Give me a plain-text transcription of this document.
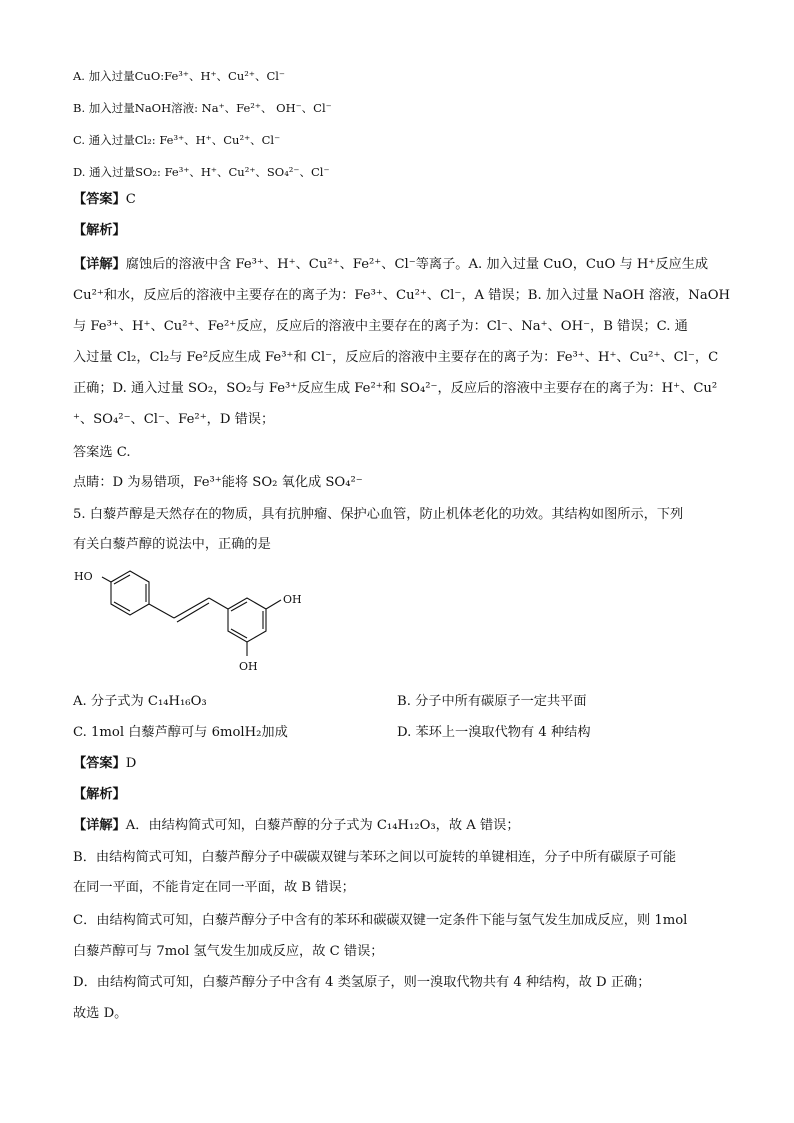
A. 加入过量CuO:Fe³⁺、H⁺、Cu²⁺、Cl⁻
B. 加入过量NaOH溶液: Na⁺、Fe²⁺、 OH⁻、Cl⁻
C. 通入过量Cl₂: Fe³⁺、H⁺、Cu²⁺、Cl⁻
D. 通入过量SO₂: Fe³⁺、H⁺、Cu²⁺、SO₄²⁻、Cl⁻
【答案】C
【解析】
【详解】腐蚀后的溶液中含 Fe³⁺、H⁺、Cu²⁺、Fe²⁺、Cl⁻等离子。A. 加入过量 CuO，CuO 与 H⁺反应生成
Cu²⁺和水，反应后的溶液中主要存在的离子为：Fe³⁺、Cu²⁺、Cl⁻，A 错误；B. 加入过量 NaOH 溶液，NaOH
与 Fe³⁺、H⁺、Cu²⁺、Fe²⁺反应，反应后的溶液中主要存在的离子为：Cl⁻、Na⁺、OH⁻，B 错误；C. 通
入过量 Cl₂，Cl₂与 Fe²反应生成 Fe³⁺和 Cl⁻，反应后的溶液中主要存在的离子为：Fe³⁺、H⁺、Cu²⁺、Cl⁻，C
正确；D. 通入过量 SO₂，SO₂与 Fe³⁺反应生成 Fe²⁺和 SO₄²⁻，反应后的溶液中主要存在的离子为：H⁺、Cu²
⁺、SO₄²⁻、Cl⁻、Fe²⁺，D 错误；
答案选 C.
点睛：D 为易错项，Fe³⁺能将 SO₂ 氧化成 SO₄²⁻
5. 白藜芦醇是天然存在的物质，具有抗肿瘤、保护心血管，防止机体老化的功效。其结构如图所示，下列
有关白藜芦醇的说法中，正确的是
HO
OH
OH
A. 分子式为 C₁₄H₁₆O₃	B. 分子中所有碳原子一定共平面
C. 1mol 白藜芦醇可与 6molH₂加成	D. 苯环上一溴取代物有 4 种结构
【答案】D
【解析】
【详解】A．由结构简式可知，白藜芦醇的分子式为 C₁₄H₁₂O₃，故 A 错误；
B．由结构简式可知，白藜芦醇分子中碳碳双键与苯环之间以可旋转的单键相连，分子中所有碳原子可能
在同一平面，不能肯定在同一平面，故 B 错误；
C．由结构简式可知，白藜芦醇分子中含有的苯环和碳碳双键一定条件下能与氢气发生加成反应，则 1mol
白藜芦醇可与 7mol 氢气发生加成反应，故 C 错误；
D．由结构简式可知，白藜芦醇分子中含有 4 类氢原子，则一溴取代物共有 4 种结构，故 D 正确；
故选 D。
